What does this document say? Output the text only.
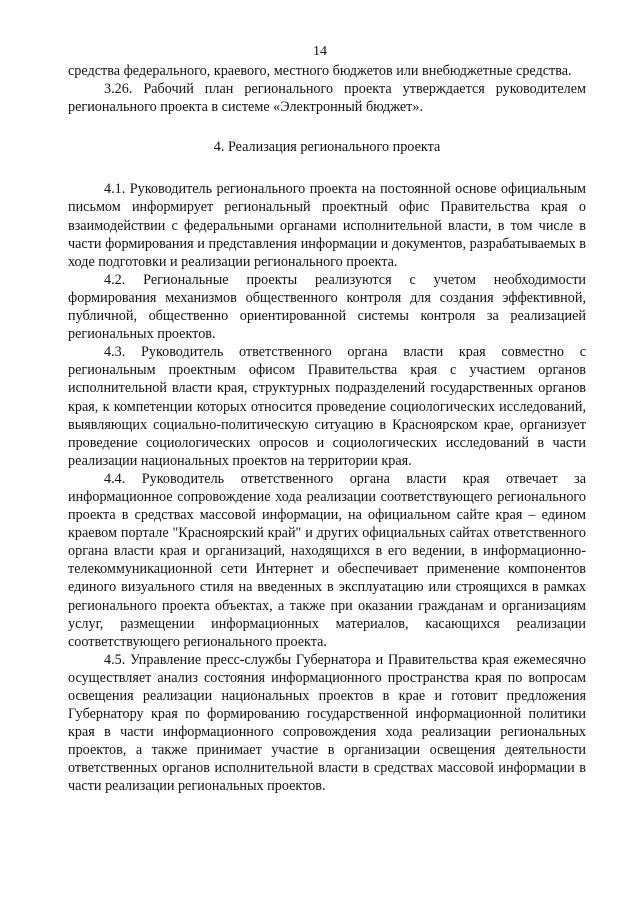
14

средства федерального, краевого, местного бюджетов или внебюджетные средства.

3.26. Рабочий план регионального проекта утверждается руководителем регионального проекта в системе «Электронный бюджет».

4. Реализация регионального проекта

4.1. Руководитель регионального проекта на постоянной основе официальным письмом информирует региональный проектный офис Правительства края о взаимодействии с федеральными органами исполнительной власти, в том числе в части формирования и представления информации и документов, разрабатываемых в ходе подготовки и реализации регионального проекта.

4.2. Региональные проекты реализуются с учетом необходимости формирования механизмов общественного контроля для создания эффективной, публичной, общественно ориентированной системы контроля за реализацией региональных проектов.

4.3. Руководитель ответственного органа власти края совместно с региональным проектным офисом Правительства края с участием органов исполнительной власти края, структурных подразделений государственных органов края, к компетенции которых относится проведение социологических исследований, выявляющих социально-политическую ситуацию в Красноярском крае, организует проведение социологических опросов и социологических исследований в части реализации национальных проектов на территории края.

4.4. Руководитель ответственного органа власти края отвечает за информационное сопровождение хода реализации соответствующего регионального проекта в средствах массовой информации, на официальном сайте края – едином краевом портале "Красноярский край" и других официальных сайтах ответственного органа власти края и организаций, находящихся в его ведении, в информационно-телекоммуникационной сети Интернет и обеспечивает применение компонентов единого визуального стиля на введенных в эксплуатацию или строящихся в рамках регионального проекта объектах, а также при оказании гражданам и организациям услуг, размещении информационных материалов, касающихся реализации соответствующего регионального проекта.

4.5. Управление пресс-службы Губернатора и Правительства края ежемесячно осуществляет анализ состояния информационного пространства края по вопросам освещения реализации национальных проектов в крае и готовит предложения Губернатору края по формированию государственной информационной политики края в части информационного сопровождения хода реализации региональных проектов, а также принимает участие в организации освещения деятельности ответственных органов исполнительной власти в средствах массовой информации в части реализации региональных проектов.
